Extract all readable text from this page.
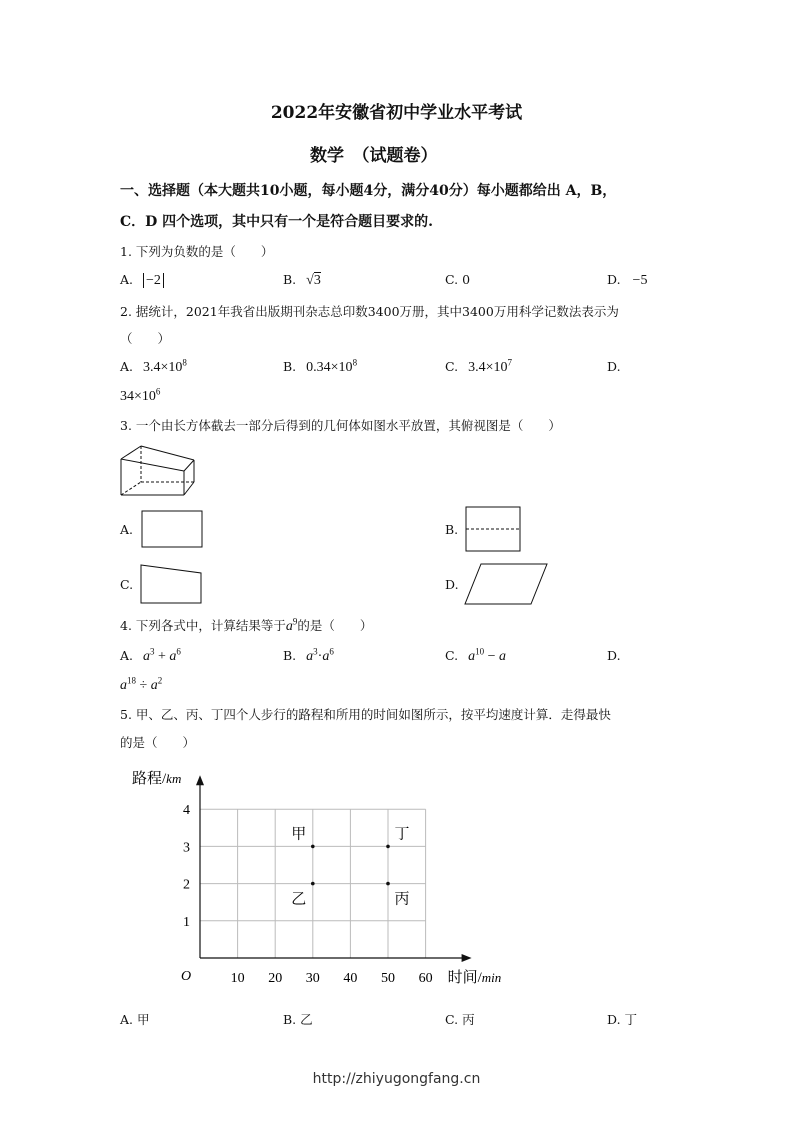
2022年安徽省初中学业水平考试
数学　（试题卷）
一、选择题（本大题共10小题，每小题4分，满分40分）每小题都给出 A，B，
C．D 四个选项，其中只有一个是符合题目要求的.
1. 下列为负数的是（　　）
A. −2	B. √3	C. 0	D. −5
2. 据统计，2021年我省出版期刊杂志总印数3400万册，其中3400万用科学记数法表示为
（　　）
A. $3.4\times 10^8$	B. $0.34\times 10^8$	C. $3.4\times 10^7$	D.
$34\times 10^6$
3. 一个由长方体截去一部分后得到的几何体如图水平放置，其俯视图是（　　）
A.	B.
C.	D.
4. 下列各式中，计算结果等于$a^9$的是（　　）
A. $a^3 + a^6$	B. $a^3\cdot a^6$	C. $a^{10} - a$	D.
$a^{18} \div a^2$
5. 甲、乙、丙、丁四个人步行的路程和所用的时间如图所示，按平均速度计算．走得最快
的是（　　）
10 20 30 40 50 60
1
2
3
4
O
路程/km
时间/min
甲
乙	丙
丁
A. 甲	B. 乙	C. 丙	D. 丁
http://zhiyugongfang.cn
